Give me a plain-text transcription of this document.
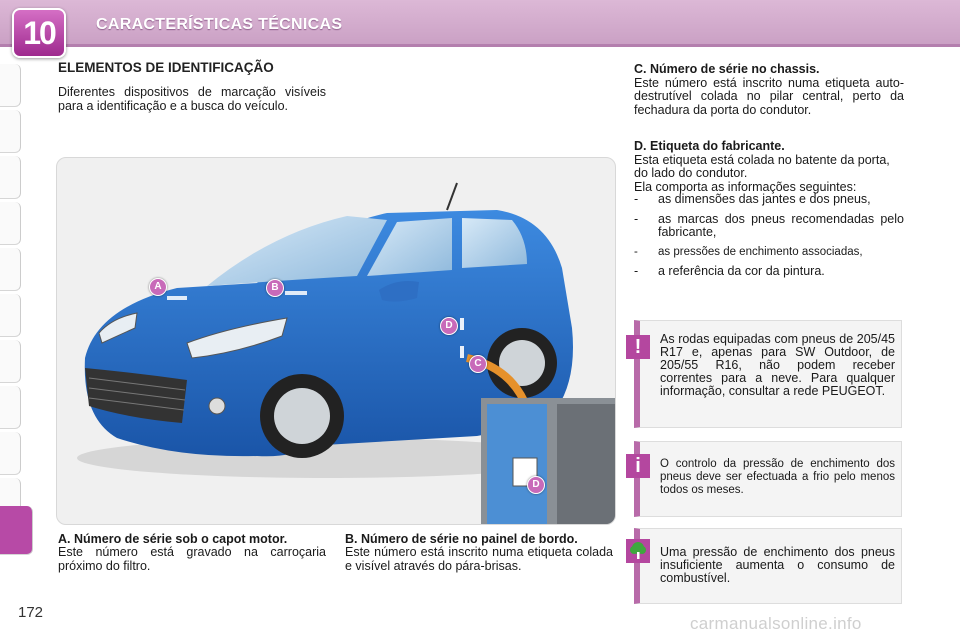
10	CARACTERÍSTICAS TÉCNICAS
ELEMENTOS DE IDENTIFICAÇÃO

Diferentes dispositivos de marcação visíveis para a identificação e a busca do veículo.

A	B
C
D
D

A. Número de série sob o capot motor.

Este número está gravado na carroçaria próximo do filtro.

B. Número de série no painel de bordo.

Este número está inscrito numa etiqueta colada e visível através do pára-brisas.

C. Número de série no chassis.

Este número está inscrito numa etiqueta auto-destrutível colada no pilar central, perto da fechadura da porta do condutor.

D. Etiqueta do fabricante.

Esta etiqueta está colada no batente da porta, do lado do condutor.

Ela comporta as informações seguintes:

- as dimensões das jantes e dos pneus,
- as marcas dos pneus recomendadas pelo fabricante,
- as pressões de enchimento associadas,
- a referência da cor da pintura.
!	As rodas equipadas com pneus de 205/45 R17 e, apenas para SW Outdoor, de 205/55 R16, não podem receber correntes para a neve. Para qualquer informação, consultar a rede PEUGEOT.

i	O controlo da pressão de enchimento dos pneus deve ser efectuada a frio pelo menos todos os meses.

Uma pressão de enchimento dos pneus insuficiente aumenta o consumo de combustível.

172
carmanualsonline.info
